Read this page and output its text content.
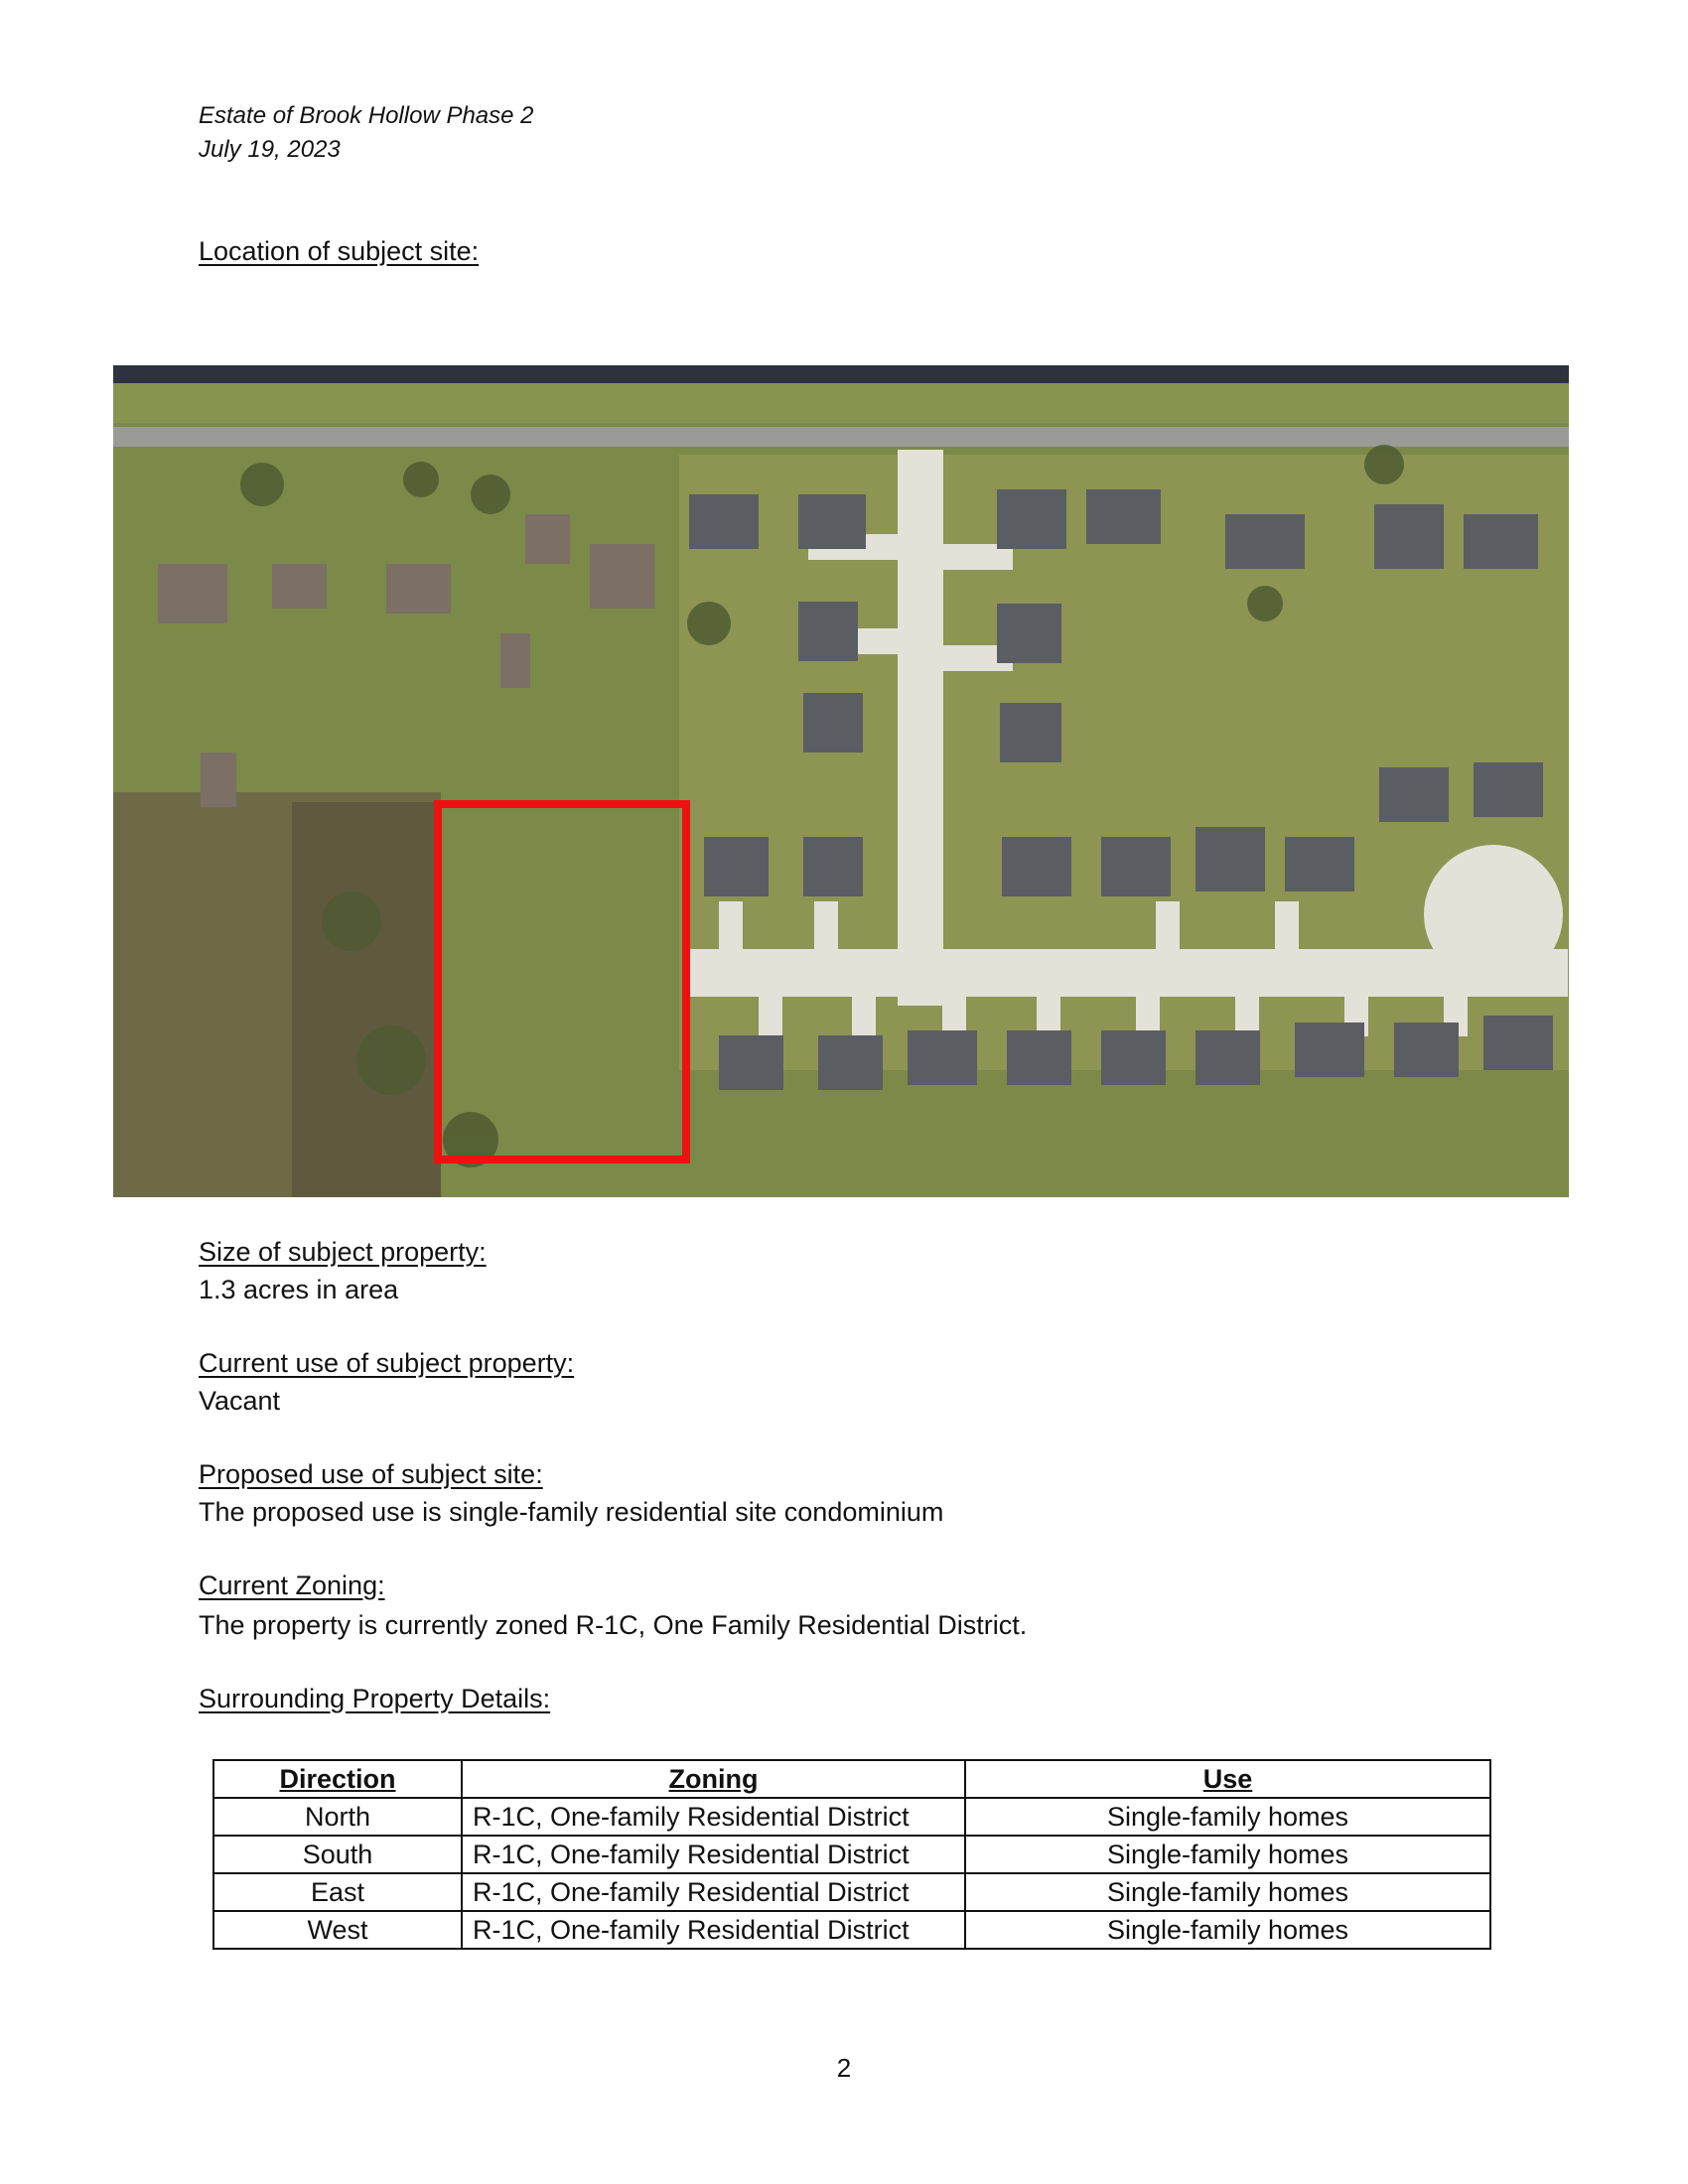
Estate of Brook Hollow Phase 2
July 19, 2023
Location of subject site:
Size of subject property:
1.3 acres in area
Current use of subject property:
Vacant
Proposed use of subject site:
The proposed use is single-family residential site condominium
Current Zoning:
The property is currently zoned R-1C, One Family Residential District.
Surrounding Property Details:
Direction	Zoning	Use
North	R-1C, One-family Residential District	Single-family homes
South	R-1C, One-family Residential District	Single-family homes
East	R-1C, One-family Residential District	Single-family homes
West	R-1C, One-family Residential District	Single-family homes
2
